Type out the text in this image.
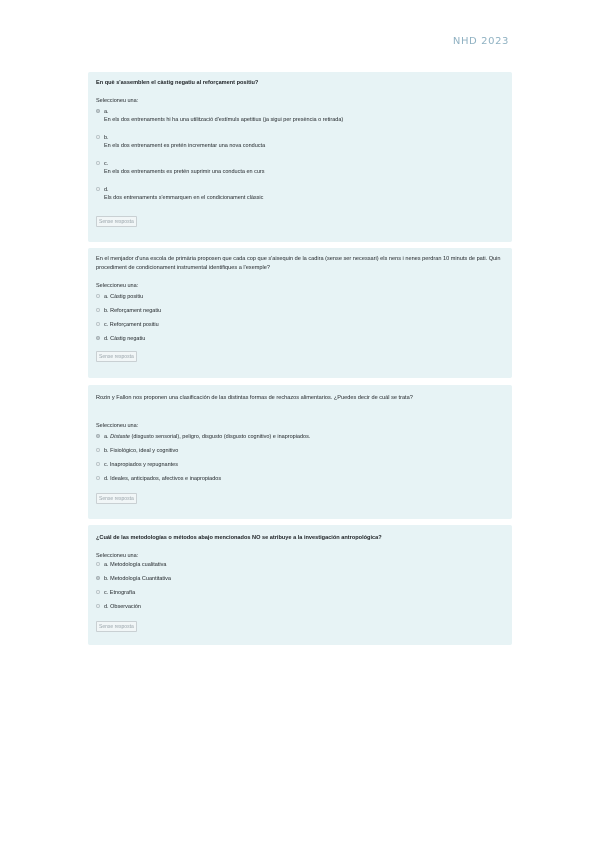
NHD 2023
En què s'assemblen el càstig negatiu al reforçament positiu?
Seleccioneu una:
a.
En els dos entrenaments hi ha una utilització d'estímuls apetitius (ja sigui per presència o retirada)
b.
En els dos entrenament es pretén incrementar una nova conducta
c.
En els dos entrenaments es pretén suprimir una conducta en curs
d.
Els dos entrenaments s'emmarquen en el condicionament clàssic
Sense resposta
En el menjador d'una escola de primària proposen que cada cop que s'aixequin de la cadira (sense ser necessari) els nens i nenes perdran 10 minuts de pati. Quin procediment de condicionament instrumental identifiques a l'exemple?
Seleccioneu una:
a. Càstig positiu
b. Reforçament negatiu
c. Reforçament positiu
d. Càstig negatiu
Sense resposta
Rozin y Fallon nos proponen una clasificación de las distintas formas de rechazos alimentarios. ¿Puedes decir de cuál se trata?
Seleccioneu una:
a. Distaste (disgusto sensorial), peligro, disgusto (disgusto cognitivo) e inapropiados.
b. Fisiológico, ideal y cognitivo
c. Inapropiados y repugnantes
d. Ideales, anticipados, afectivos e inapropiados
Sense resposta
¿Cuál de las metodologías o métodos abajo mencionados NO se atribuye a la investigación antropológica?
Seleccioneu una:
a. Metodología cualitativa
b. Metodología Cuantitativa
c. Etnografía
d. Observación
Sense resposta
